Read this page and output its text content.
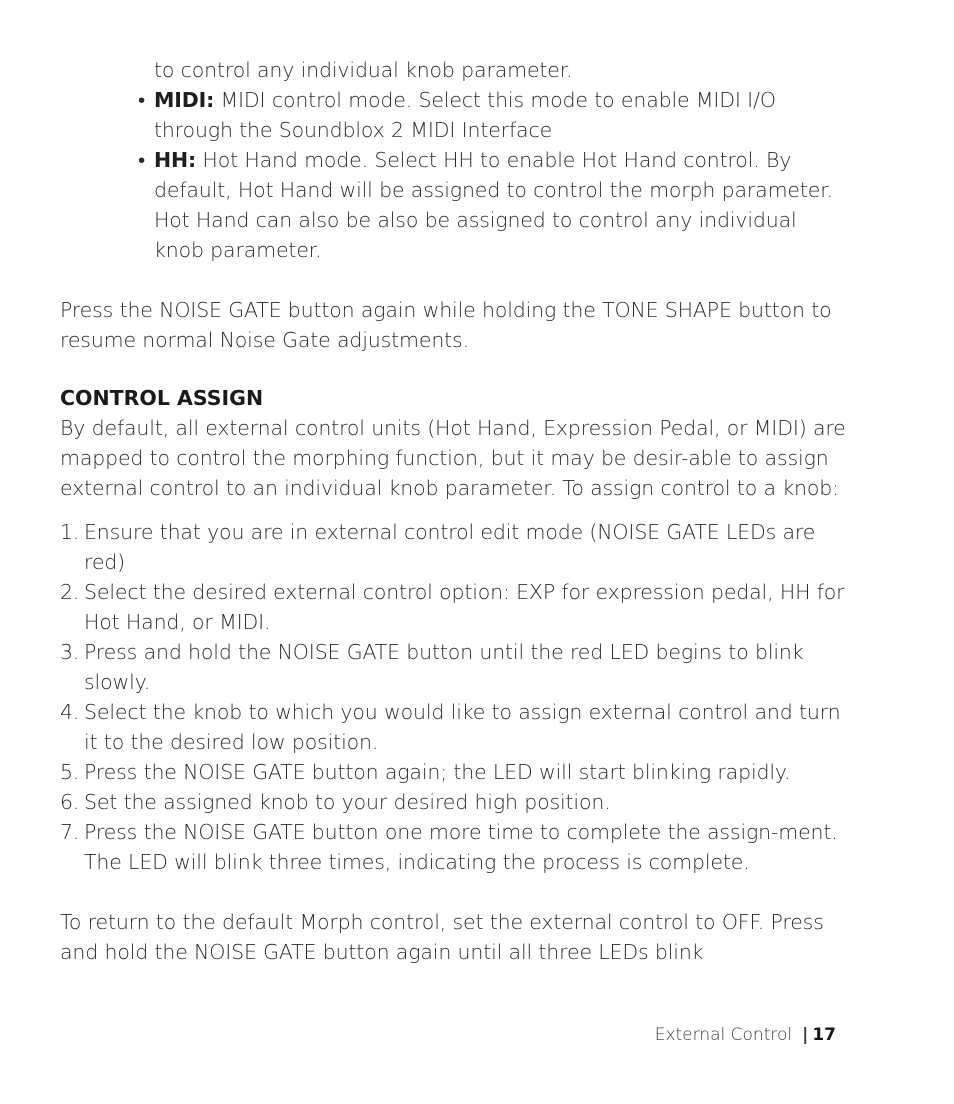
to control any individual knob parameter.
• MIDI: MIDI control mode. Select this mode to enable MIDI I/O through the Soundblox 2 MIDI Interface
• HH: Hot Hand mode. Select HH to enable Hot Hand control. By default, Hot Hand will be assigned to control the morph parameter. Hot Hand can also be also be assigned to control any individual knob parameter.

Press the NOISE GATE button again while holding the TONE SHAPE button to resume normal Noise Gate adjustments.

CONTROL ASSIGN

By default, all external control units (Hot Hand, Expression Pedal, or MIDI) are mapped to control the morphing function, but it may be desir-able to assign external control to an individual knob parameter. To assign control to a knob:

1. Ensure that you are in external control edit mode (NOISE GATE LEDs are red)
2. Select the desired external control option: EXP for expression pedal, HH for Hot Hand, or MIDI.
3. Press and hold the NOISE GATE button until the red LED begins to blink slowly.
4. Select the knob to which you would like to assign external control and turn it to the desired low position.
5. Press the NOISE GATE button again; the LED will start blinking rapidly.
6. Set the assigned knob to your desired high position.
7. Press the NOISE GATE button one more time to complete the assign-ment. The LED will blink three times, indicating the process is complete.

To return to the default Morph control, set the external control to OFF. Press and hold the NOISE GATE button again until all three LEDs blink

External Control | 17
